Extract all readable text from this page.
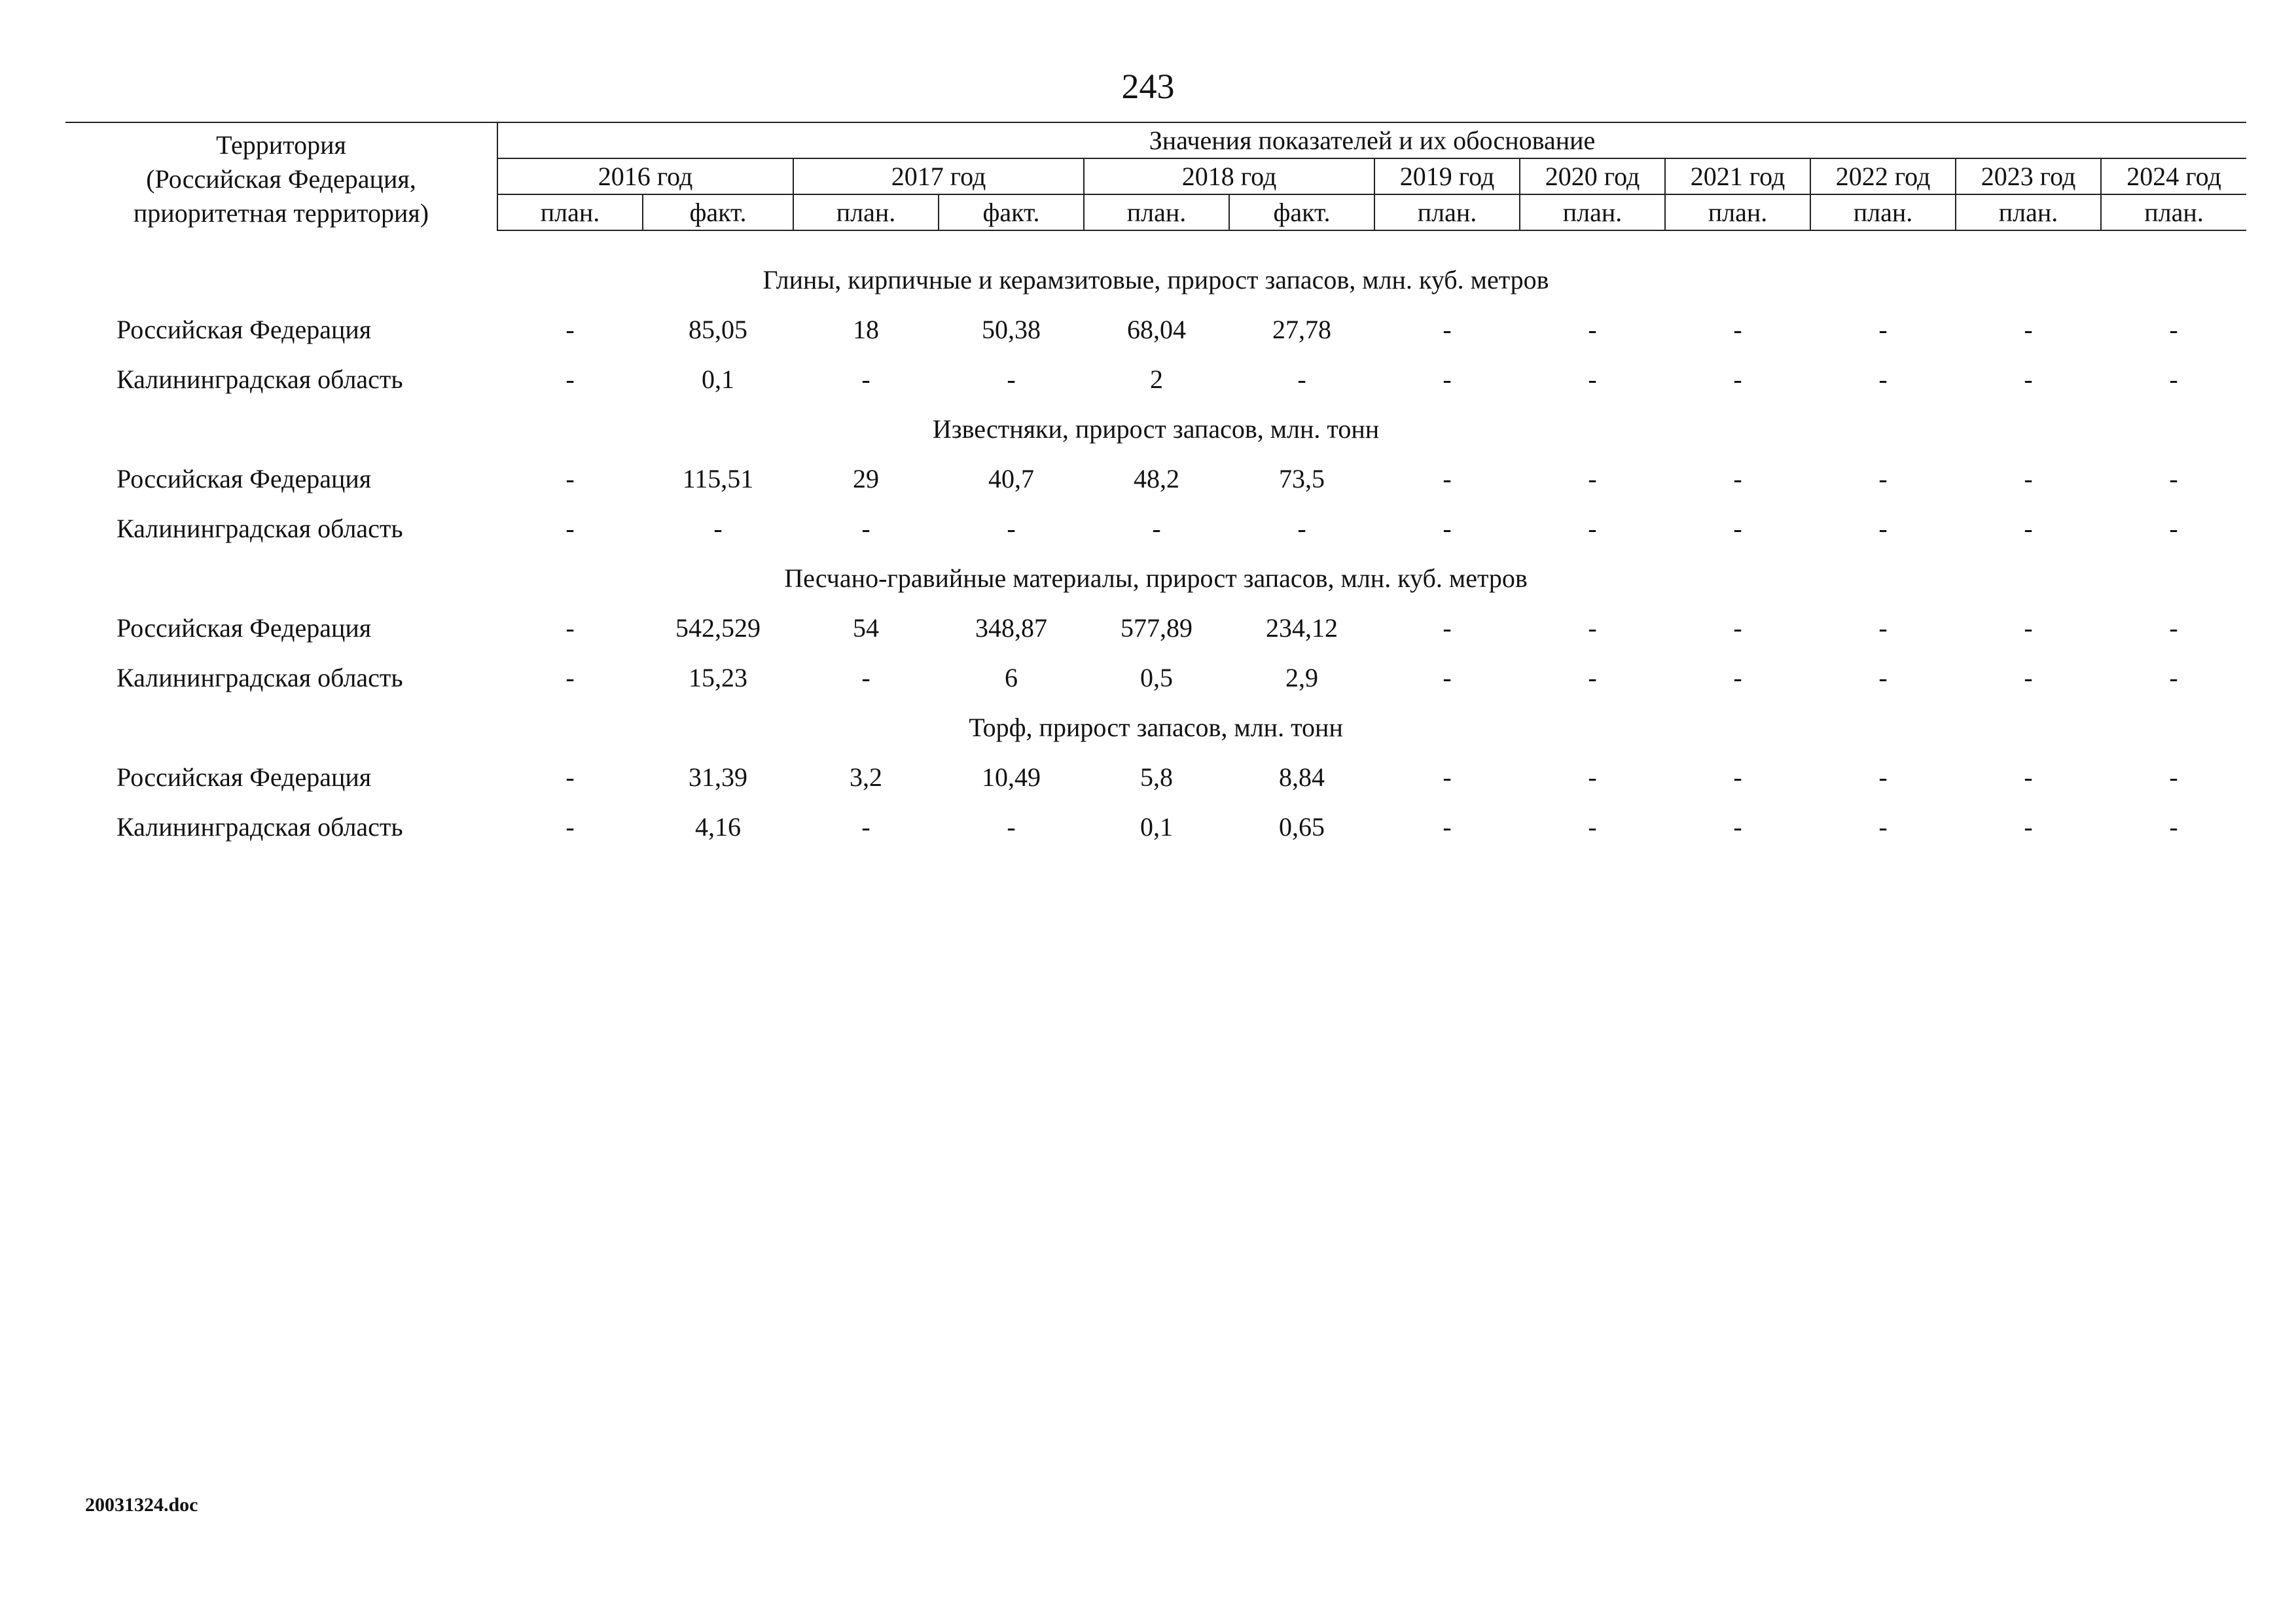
243
Территория
(Российская Федерация,
приоритетная территория)	Значения показателей и их обоснование											
	2016 год		2017 год		2018 год		2019 год	2020 год	2021 год	2022 год	2023 год	2024 год
	план.	факт.	план.	факт.	план.	факт.	план.	план.	план.	план.	план.	план.

Глины, кирпичные и керамзитовые, прирост запасов, млн. куб. метров												
Российская Федерация	-	85,05	18	50,38	68,04	27,78	-	-	-	-	-	-
Калининградская область	-	0,1	-	-	2	-	-	-	-	-	-	-
Известняки, прирост запасов, млн. тонн												
Российская Федерация	-	115,51	29	40,7	48,2	73,5	-	-	-	-	-	-
Калининградская область	-	-	-	-	-	-	-	-	-	-	-	-
Песчано-гравийные материалы, прирост запасов, млн. куб. метров												
Российская Федерация	-	542,529	54	348,87	577,89	234,12	-	-	-	-	-	-
Калининградская область	-	15,23	-	6	0,5	2,9	-	-	-	-	-	-
Торф, прирост запасов, млн. тонн												
Российская Федерация	-	31,39	3,2	10,49	5,8	8,84	-	-	-	-	-	-
Калининградская область	-	4,16	-	-	0,1	0,65	-	-	-	-	-	-
20031324.doc
